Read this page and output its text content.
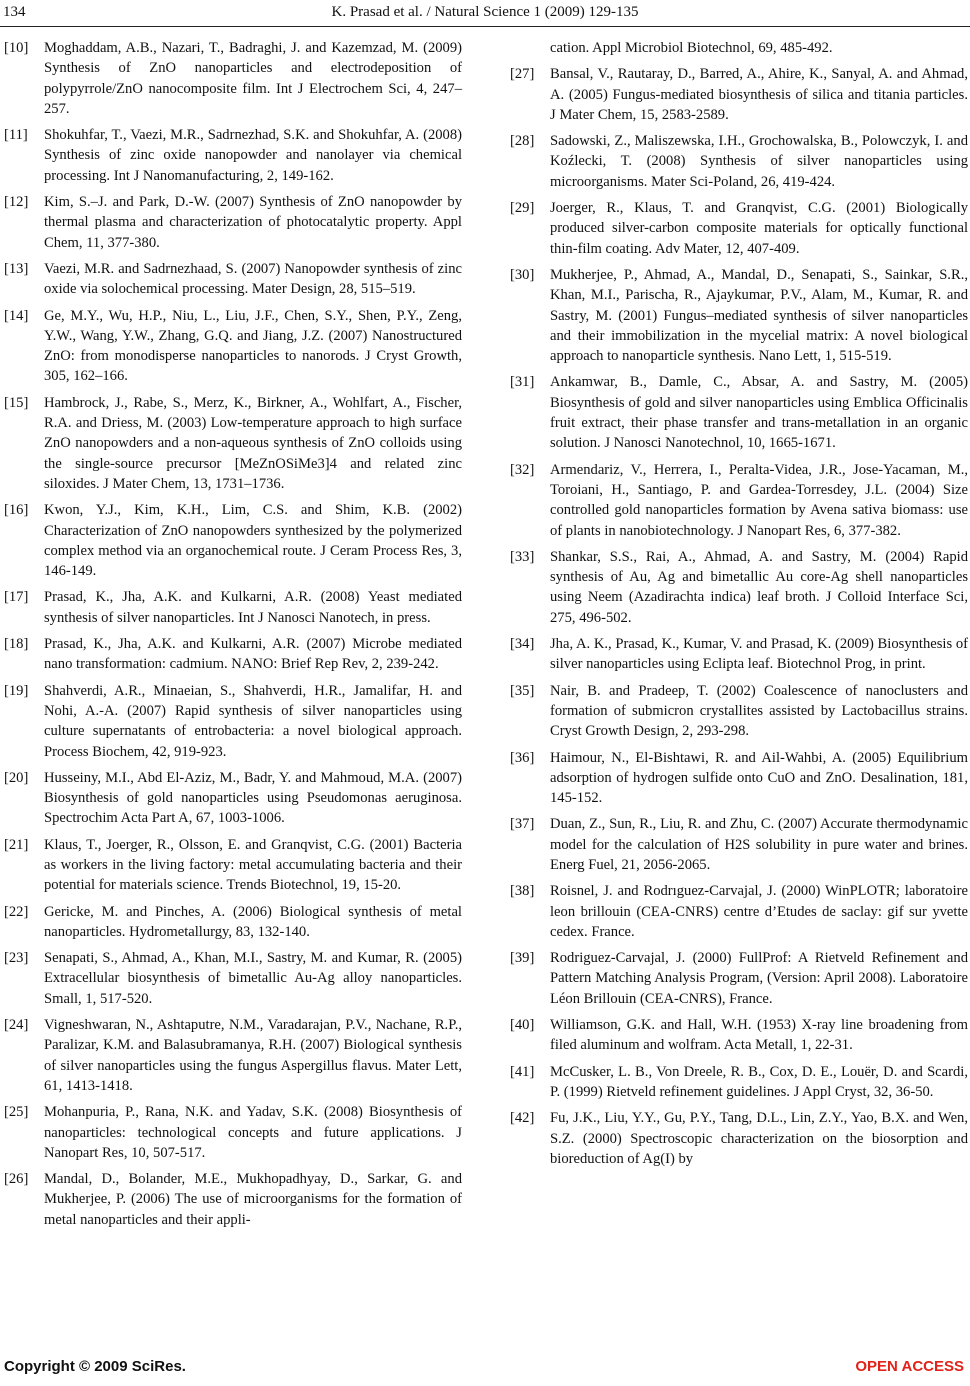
134	K. Prasad et al. / Natural Science 1 (2009) 129-135
[10]	Moghaddam, A.B., Nazari, T., Badraghi, J. and Kazemzad, M. (2009) Synthesis of ZnO nanoparticles and electrodeposition of polypyrrole/ZnO nanocomposite film. Int J Electrochem Sci, 4, 247–257.
[11]	Shokuhfar, T., Vaezi, M.R., Sadrnezhad, S.K. and Shokuhfar, A. (2008) Synthesis of zinc oxide nanopowder and nanolayer via chemical processing. Int J Nanomanufacturing, 2, 149-162.
[12]	Kim, S.–J. and Park, D.-W. (2007) Synthesis of ZnO nanopowder by thermal plasma and characterization of photocatalytic property. Appl Chem, 11, 377-380.
[13]	Vaezi, M.R. and Sadrnezhaad, S. (2007) Nanopowder synthesis of zinc oxide via solochemical processing. Mater Design, 28, 515–519.
[14]	Ge, M.Y., Wu, H.P., Niu, L., Liu, J.F., Chen, S.Y., Shen, P.Y., Zeng, Y.W., Wang, Y.W., Zhang, G.Q. and Jiang, J.Z. (2007) Nanostructured ZnO: from monodisperse nanoparticles to nanorods. J Cryst Growth, 305, 162–166.
[15]	Hambrock, J., Rabe, S., Merz, K., Birkner, A., Wohlfart, A., Fischer, R.A. and Driess, M. (2003) Low-temperature approach to high surface ZnO nanopowders and a non-aqueous synthesis of ZnO colloids using the single-source precursor [MeZnOSiMe3]4 and related zinc siloxides. J Mater Chem, 13, 1731–1736.
[16]	Kwon, Y.J., Kim, K.H., Lim, C.S. and Shim, K.B. (2002) Characterization of ZnO nanopowders synthesized by the polymerized complex method via an organochemical route. J Ceram Process Res, 3, 146-149.
[17]	Prasad, K., Jha, A.K. and Kulkarni, A.R. (2008) Yeast mediated synthesis of silver nanoparticles. Int J Nanosci Nanotech, in press.
[18]	Prasad, K., Jha, A.K. and Kulkarni, A.R. (2007) Microbe mediated nano transformation: cadmium. NANO: Brief Rep Rev, 2, 239-242.
[19]	Shahverdi, A.R., Minaeian, S., Shahverdi, H.R., Jamalifar, H. and Nohi, A.-A. (2007) Rapid synthesis of silver nanoparticles using culture supernatants of entrobacteria: a novel biological approach. Process Biochem, 42, 919-923.
[20]	Husseiny, M.I., Abd El-Aziz, M., Badr, Y. and Mahmoud, M.A. (2007) Biosynthesis of gold nanoparticles using Pseudomonas aeruginosa. Spectrochim Acta Part A, 67, 1003-1006.
[21]	Klaus, T., Joerger, R., Olsson, E. and Granqvist, C.G. (2001) Bacteria as workers in the living factory: metal accumulating bacteria and their potential for materials science. Trends Biotechnol, 19, 15-20.
[22]	Gericke, M. and Pinches, A. (2006) Biological synthesis of metal nanoparticles. Hydrometallurgy, 83, 132-140.
[23]	Senapati, S., Ahmad, A., Khan, M.I., Sastry, M. and Kumar, R. (2005) Extracellular biosynthesis of bimetallic Au-Ag alloy nanoparticles. Small, 1, 517-520.
[24]	Vigneshwaran, N., Ashtaputre, N.M., Varadarajan, P.V., Nachane, R.P., Paralizar, K.M. and Balasubramanya, R.H. (2007) Biological synthesis of silver nanoparticles using the fungus Aspergillus flavus. Mater Lett, 61, 1413-1418.
[25]	Mohanpuria, P., Rana, N.K. and Yadav, S.K. (2008) Biosynthesis of nanoparticles: technological concepts and future applications. J Nanopart Res, 10, 507-517.
[26]	Mandal, D., Bolander, M.E., Mukhopadhyay, D., Sarkar, G. and Mukherjee, P. (2006) The use of microorganisms for the formation of metal nanoparticles and their appli-
cation. Appl Microbiol Biotechnol, 69, 485-492.
[27]	Bansal, V., Rautaray, D., Barred, A., Ahire, K., Sanyal, A. and Ahmad, A. (2005) Fungus-mediated biosynthesis of silica and titania particles. J Mater Chem, 15, 2583-2589.
[28]	Sadowski, Z., Maliszewska, I.H., Grochowalska, B., Polowczyk, I. and Koźlecki, T. (2008) Synthesis of silver nanoparticles using microorganisms. Mater Sci-Poland, 26, 419-424.
[29]	Joerger, R., Klaus, T. and Granqvist, C.G. (2001) Biologically produced silver-carbon composite materials for optically functional thin-film coating. Adv Mater, 12, 407-409.
[30]	Mukherjee, P., Ahmad, A., Mandal, D., Senapati, S., Sainkar, S.R., Khan, M.I., Parischa, R., Ajaykumar, P.V., Alam, M., Kumar, R. and Sastry, M. (2001) Fungus–mediated synthesis of silver nanoparticles and their immobilization in the mycelial matrix: A novel biological approach to nanoparticle synthesis. Nano Lett, 1, 515-519.
[31]	Ankamwar, B., Damle, C., Absar, A. and Sastry, M. (2005) Biosynthesis of gold and silver nanoparticles using Emblica Officinalis fruit extract, their phase transfer and trans-metallation in an organic solution. J Nanosci Nanotechnol, 10, 1665-1671.
[32]	Armendariz, V., Herrera, I., Peralta-Videa, J.R., Jose-Yacaman, M., Toroiani, H., Santiago, P. and Gardea-Torresdey, J.L. (2004) Size controlled gold nanoparticles formation by Avena sativa biomass: use of plants in nanobiotechnology. J Nanopart Res, 6, 377-382.
[33]	Shankar, S.S., Rai, A., Ahmad, A. and Sastry, M. (2004) Rapid synthesis of Au, Ag and bimetallic Au core-Ag shell nanoparticles using Neem (Azadirachta indica) leaf broth. J Colloid Interface Sci, 275, 496-502.
[34]	Jha, A. K., Prasad, K., Kumar, V. and Prasad, K. (2009) Biosynthesis of silver nanoparticles using Eclipta leaf. Biotechnol Prog, in print.
[35]	Nair, B. and Pradeep, T. (2002) Coalescence of nanoclusters and formation of submicron crystallites assisted by Lactobacillus strains. Cryst Growth Design, 2, 293-298.
[36]	Haimour, N., El-Bishtawi, R. and Ail-Wahbi, A. (2005) Equilibrium adsorption of hydrogen sulfide onto CuO and ZnO. Desalination, 181, 145-152.
[37]	Duan, Z., Sun, R., Liu, R. and Zhu, C. (2007) Accurate thermodynamic model for the calculation of H2S solubility in pure water and brines. Energ Fuel, 21, 2056-2065.
[38]	Roisnel, J. and Rodrıguez-Carvajal, J. (2000) WinPLOTR; laboratoire leon brillouin (CEA-CNRS) centre d’Etudes de saclay: gif sur yvette cedex. France.
[39]	Rodriguez-Carvajal, J. (2000) FullProf: A Rietveld Refinement and Pattern Matching Analysis Program, (Version: April 2008). Laboratoire Léon Brillouin (CEA-CNRS), France.
[40]	Williamson, G.K. and Hall, W.H. (1953) X-ray line broadening from filed aluminum and wolfram. Acta Metall, 1, 22-31.
[41]	McCusker, L. B., Von Dreele, R. B., Cox, D. E., Louër, D. and Scardi, P. (1999) Rietveld refinement guidelines. J Appl Cryst, 32, 36-50.
[42]	Fu, J.K., Liu, Y.Y., Gu, P.Y., Tang, D.L., Lin, Z.Y., Yao, B.X. and Wen, S.Z. (2000) Spectroscopic characterization on the biosorption and bioreduction of Ag(I) by
Copyright © 2009 SciRes.	OPEN ACCESS
